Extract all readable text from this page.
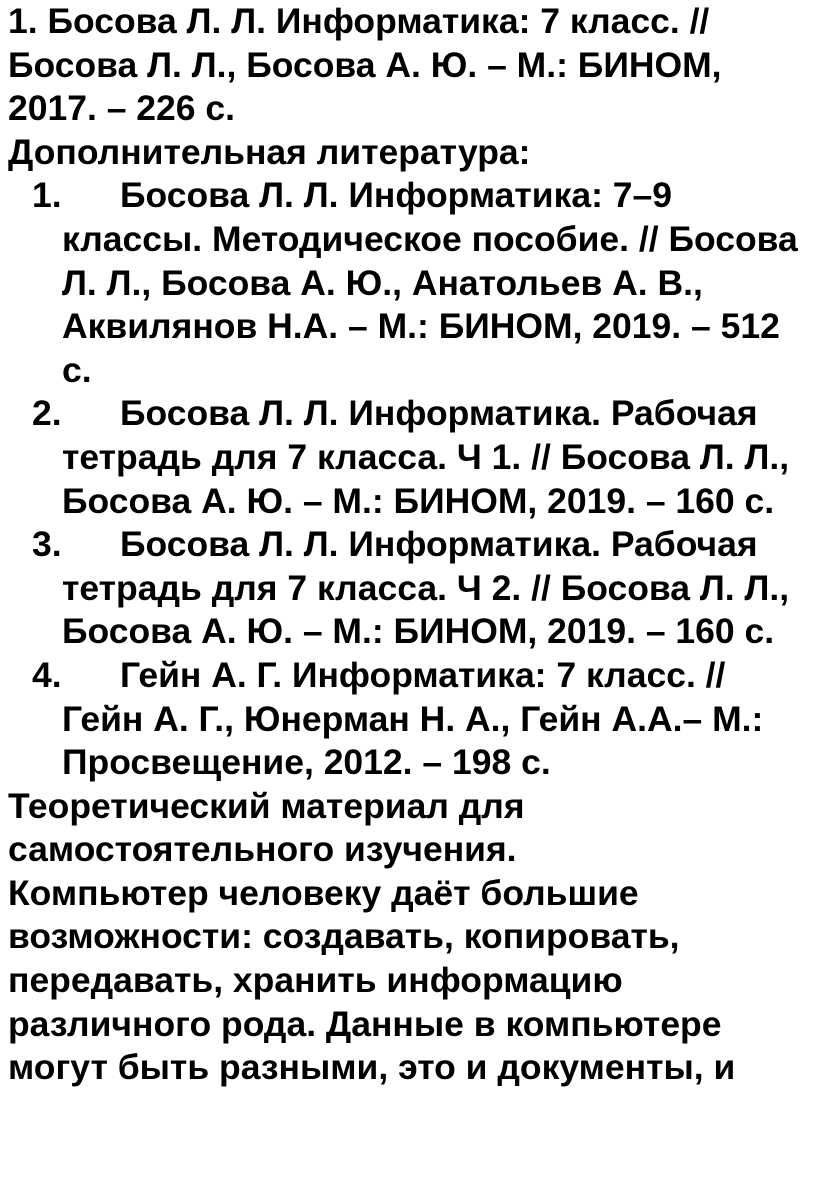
1. Босова Л. Л. Информатика: 7 класс. // Босова Л. Л., Босова А. Ю. – М.: БИНОМ, 2017. – 226 с.

Дополнительная литература:

1.	Босова Л. Л. Информатика: 7–9 классы. Методическое пособие. // Босова Л. Л., Босова А. Ю., Анатольев А. В., Аквилянов Н.А. – М.: БИНОМ, 2019. – 512 с.
2.	Босова Л. Л. Информатика. Рабочая тетрадь для 7 класса. Ч 1. // Босова Л. Л., Босова А. Ю. – М.: БИНОМ, 2019. – 160 с.
3.	Босова Л. Л. Информатика. Рабочая тетрадь для 7 класса. Ч 2. // Босова Л. Л., Босова А. Ю. – М.: БИНОМ, 2019. – 160 с.
4.	Гейн А. Г. Информатика: 7 класс. // Гейн А. Г., Юнерман Н. А., Гейн А.А.– М.: Просвещение, 2012. – 198 с.

Теоретический материал для самостоятельного изучения.

Компьютер человеку даёт большие возможности: создавать, копировать, передавать, хранить информацию различного рода. Данные в компьютере могут быть разными, это и документы, и
